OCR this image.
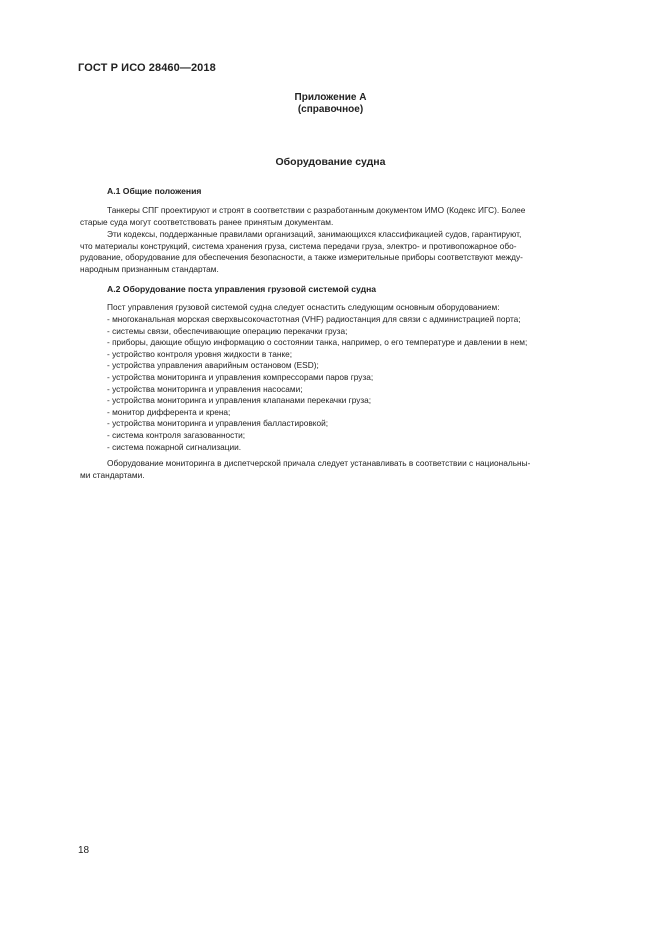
ГОСТ Р ИСО 28460—2018
Приложение А
(справочное)
Оборудование судна
А.1 Общие положения
Танкеры СПГ проектируют и строят в соответствии с разработанным документом ИМО (Кодекс ИГС). Более
старые суда могут соответствовать ранее принятым документам.
Эти кодексы, поддержанные правилами организаций, занимающихся классификацией судов, гарантируют,
что материалы конструкций, система хранения груза, система передачи груза, электро- и противопожарное обо-
рудование, оборудование для обеспечения безопасности, а также измерительные приборы соответствуют между-
народным признанным стандартам.
А.2 Оборудование поста управления грузовой системой судна
Пост управления грузовой системой судна следует оснастить следующим основным оборудованием:
- многоканальная морская сверхвысокочастотная (VHF) радиостанция для связи с администрацией порта;
- системы связи, обеспечивающие операцию перекачки груза;
- приборы, дающие общую информацию о состоянии танка, например, о его температуре и давлении в нем;
- устройство контроля уровня жидкости в танке;
- устройства управления аварийным остановом (ESD);
- устройства мониторинга и управления компрессорами паров груза;
- устройства мониторинга и управления насосами;
- устройства мониторинга и управления клапанами перекачки груза;
- монитор дифферента и крена;
- устройства мониторинга и управления балластировкой;
- система контроля загазованности;
- система пожарной сигнализации.
Оборудование мониторинга в диспетчерской причала следует устанавливать в соответствии с национальны-
ми стандартами.
18
